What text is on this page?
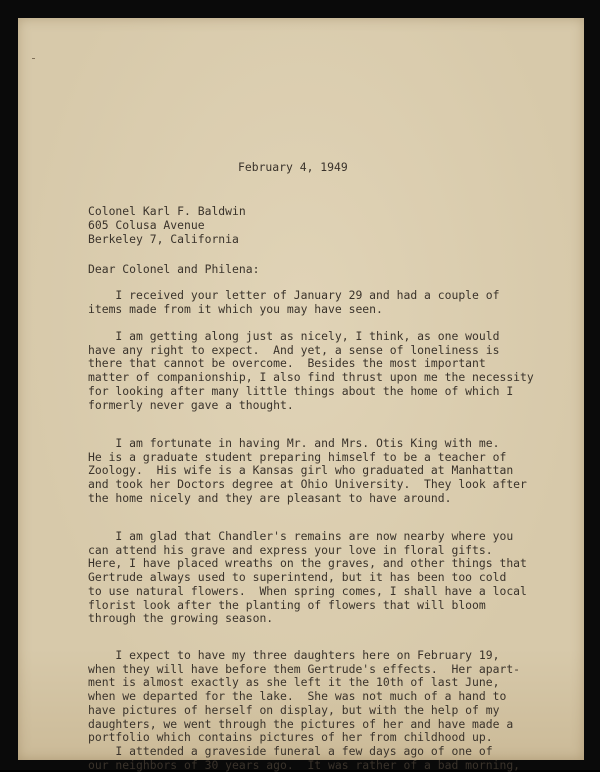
February 4, 1949
Colonel Karl F. Baldwin
605 Colusa Avenue
Berkeley 7, California
Dear Colonel and Philena:
I received your letter of January 29 and had a couple of
items made from it which you may have seen.
I am getting along just as nicely, I think, as one would
have any right to expect.  And yet, a sense of loneliness is
there that cannot be overcome.  Besides the most important
matter of companionship, I also find thrust upon me the necessity
for looking after many little things about the home of which I
formerly never gave a thought.
I am fortunate in having Mr. and Mrs. Otis King with me.
He is a graduate student preparing himself to be a teacher of
Zoology.  His wife is a Kansas girl who graduated at Manhattan
and took her Doctors degree at Ohio University.  They look after
the home nicely and they are pleasant to have around.
I am glad that Chandler's remains are now nearby where you
can attend his grave and express your love in floral gifts.
Here, I have placed wreaths on the graves, and other things that
Gertrude always used to superintend, but it has been too cold
to use natural flowers.  When spring comes, I shall have a local
florist look after the planting of flowers that will bloom
through the growing season.
I expect to have my three daughters here on February 19,
when they will have before them Gertrude's effects.  Her apart-
ment is almost exactly as she left it the 10th of last June,
when we departed for the lake.  She was not much of a hand to
have pictures of herself on display, but with the help of my
daughters, we went through the pictures of her and have made a
portfolio which contains pictures of her from childhood up.
I attended a graveside funeral a few days ago of one of
our neighbors of 30 years ago.  It was rather of a bad morning,
